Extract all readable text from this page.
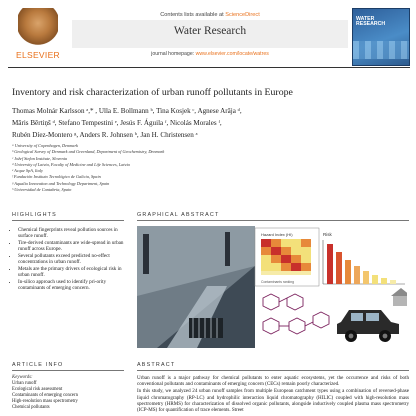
ELSEVIER
Contents lists available at ScienceDirect
Water Research
journal homepage: www.elsevier.com/locate/watres
WATER
RESEARCH
Inventory and risk characterization of urban runoff pollutants in Europe
Thomas Molnár Karlsson ᵃ,* , Ulla E. Bollmann ᵇ, Tina Kosjek ᶜ, Agnese Arāja ᵈ,
Māris Bērtiņš ᵈ, Stefano Tempestini ᵉ, Jesús F. Águila ᶠ, Nicolás Morales ᶠ,
Rubén Díez-Montero ᵍ, Anders R. Johnsen ᵇ, Jan H. Christensen ᵃ
ᵃ University of Copenhagen, Denmark
ᵇ Geological Survey of Denmark and Greenland, Department of Geochemistry, Denmark
ᶜ Jožef Stefan Institute, Slovenia
ᵈ University of Latvia, Faculty of Medicine and Life Sciences, Latvia
ᵉ Acque SpA, Italy
ᶠ Fundación Instituto Tecnológico de Galicia, Spain
ᵍ Aqualia Innovation and Technology Department, Spain
ʰ Universidad de Cantabria, Spain
HIGHLIGHTS
• Chemical fingerprints reveal pollution sources in surface runoff.
• Tire-derived contaminants are wide-spread in urban runoff across Europe.
• Several pollutants exceed predicted no-effect concentrations in urban runoff.
• Metals are the primary drivers of ecological risk in urban runoff.
• In-silico approach used to identify pri-ority contaminants of emerging concern.
GRAPHICAL ABSTRACT
Hazard Index (HI)
Contaminants ranking
Risk
ARTICLE INFO
Keywords:
Urban runoff
Ecological risk assessment
Contaminants of emerging concern
High-resolution mass spectrometry
Chemical pollutants
ABSTRACT

Urban runoff is a major pathway for chemical pollutants to enter aquatic ecosystems, yet the occurrence and risks of both conventional pollutants and contaminants of emerging concern (CECs) remain poorly characterized.

In this study, we analyzed 24 urban runoff samples from multiple European catchment types using a combination of reversed-phase liquid chromatography (RP-LC) and hydrophilic interaction liquid chromatography (HILIC) coupled with high-resolution mass spectrometry (HRMS) for characterization of dissolved organic pollutants, alongside inductively coupled plasma mass spectrometry (ICP-MS) for quantification of trace elements. Street
